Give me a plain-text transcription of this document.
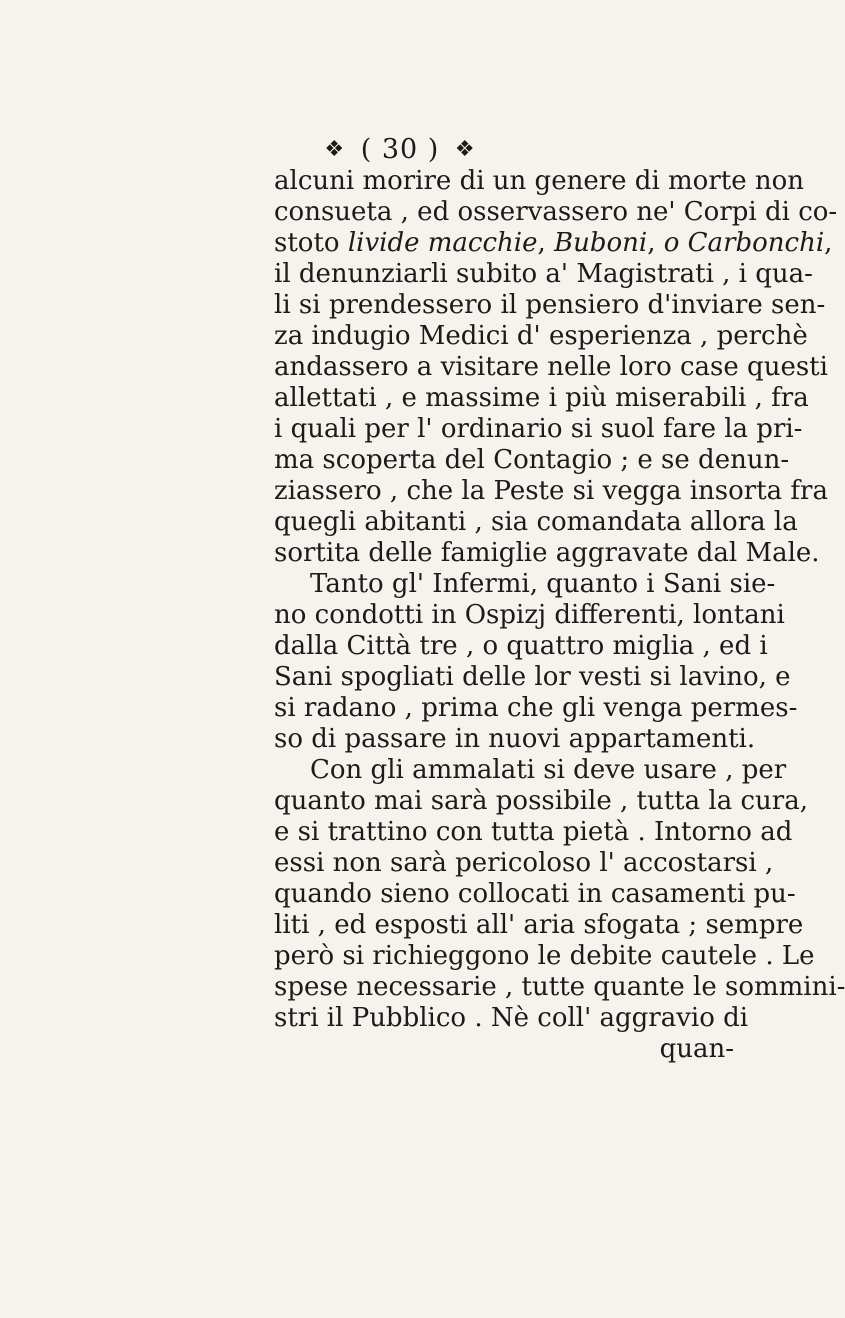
❖ ( 30 ) ❖
alcuni morire di un genere di morte non
consueta , ed osservassero ne' Corpi di co-
stoto livide macchie, Buboni, o Carbonchi,
il denunziarli subito a' Magistrati , i qua-
li si prendessero il pensiero d'inviare sen-
za indugio Medici d' esperienza , perchè
andassero a visitare nelle loro case questi
allettati , e massime i più miserabili , fra
i quali per l' ordinario si suol fare la pri-
ma scoperta del Contagio ; e se denun-
ziassero , che la Peste si vegga insorta fra
quegli abitanti , sia comandata allora la
sortita delle famiglie aggravate dal Male.
Tanto gl' Infermi, quanto i Sani sie-
no condotti in Ospizj differenti, lontani
dalla Città tre , o quattro miglia , ed i
Sani spogliati delle lor vesti si lavino, e
si radano , prima che gli venga permes-
so di passare in nuovi appartamenti.
Con gli ammalati si deve usare , per
quanto mai sarà possibile , tutta la cura,
e si trattino con tutta pietà . Intorno ad
essi non sarà pericoloso l' accostarsi ,
quando sieno collocati in casamenti pu-
liti , ed esposti all' aria sfogata ; sempre
però si richieggono le debite cautele . Le
spese necessarie , tutte quante le sommini-
stri il Pubblico . Nè coll' aggravio di
quan-
